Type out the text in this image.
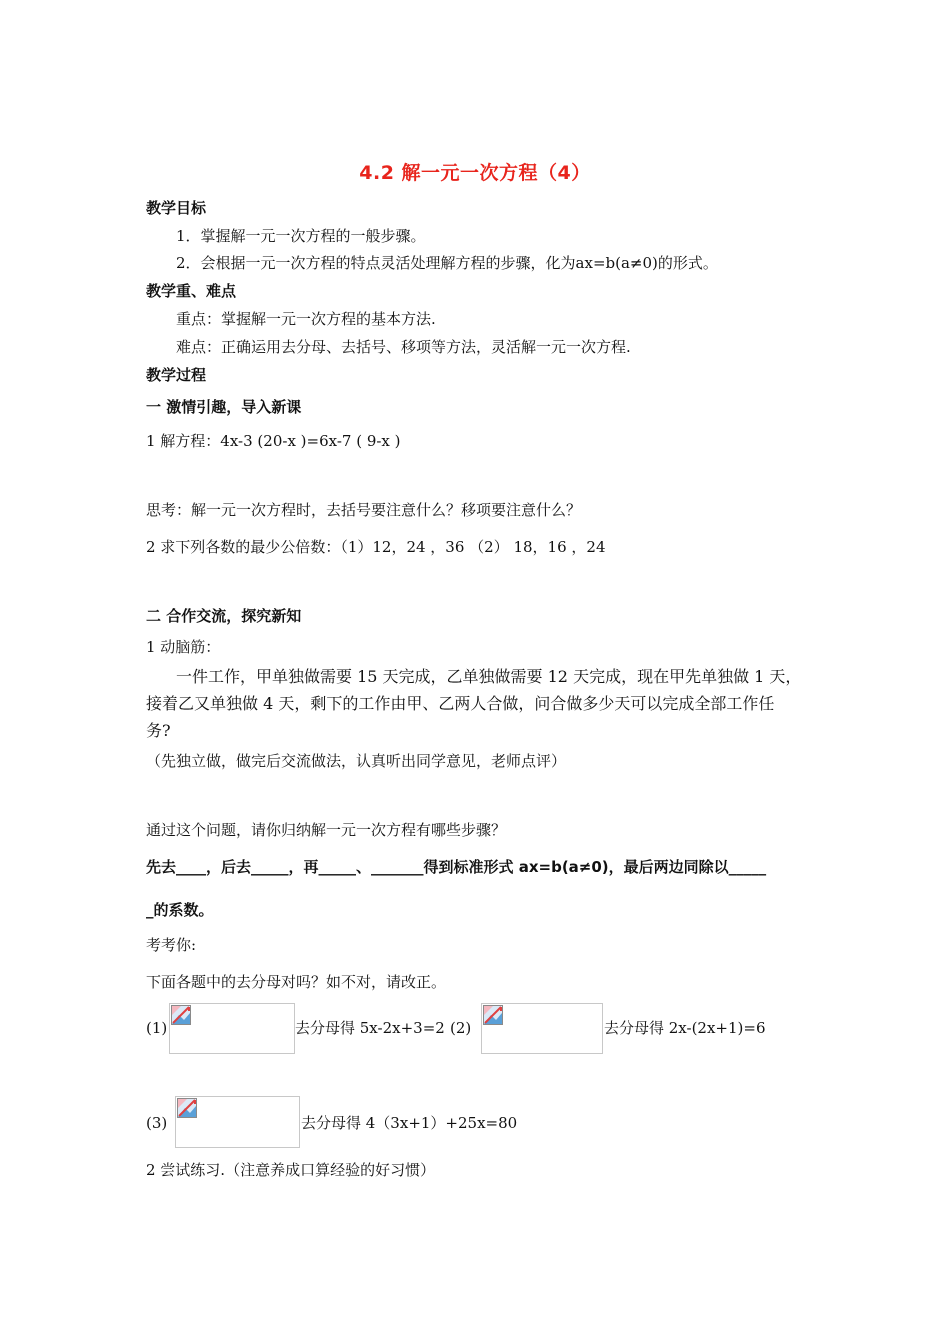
4.2 解一元一次方程（4）
教学目标
1．掌握解一元一次方程的一般步骤。
2．会根据一元一次方程的特点灵活处理解方程的步骤，化为ax=b(a≠0)的形式。
教学重、难点
重点：掌握解一元一次方程的基本方法.
难点：正确运用去分母、去括号、移项等方法，灵活解一元一次方程.
教学过程
一 激情引趣，导入新课
1 解方程：4x-3 (20-x )=6x-7 ( 9-x )
思考：解一元一次方程时，去括号要注意什么？移项要注意什么？
2 求下列各数的最少公倍数：（1）12，24 ，36 （2） 18，16 ，24
二 合作交流，探究新知
1 动脑筋：
一件工作，甲单独做需要 15 天完成，乙单独做需要 12 天完成，现在甲先单独做 1 天，
接着乙又单独做 4 天，剩下的工作由甲、乙两人合做，问合做多少天可以完成全部工作任
务?
（先独立做，做完后交流做法，认真听出同学意见，老师点评）
通过这个问题，请你归纳解一元一次方程有哪些步骤？
先去____，后去_____，再_____、_______得到标准形式 ax=b(a≠0)，最后两边同除以_____
_的系数。
考考你:
下面各题中的去分母对吗？如不对，请改正。
(1)	去分母得 5x-2x+3=2 (2)	去分母得 2x-(2x+1)=6
(3)	去分母得 4（3x+1）+25x=80
2 尝试练习.（注意养成口算经验的好习惯）
